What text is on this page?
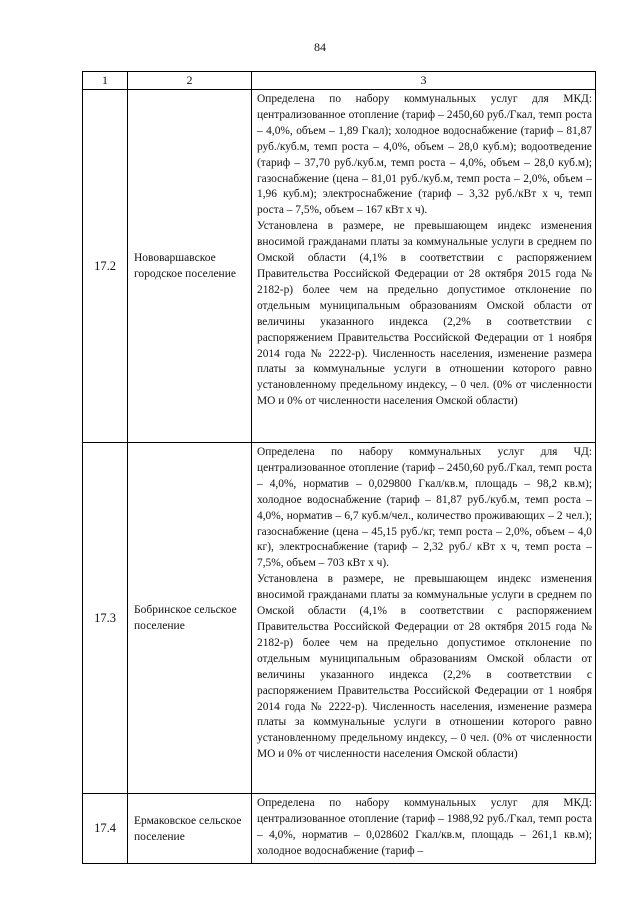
84
1	2	3
17.2	Нововаршавское городское поселение	Определена по набору коммунальных услуг для МКД: централизованное отопление (тариф – 2450,60 руб./Гкал, темп роста – 4,0%, объем – 1,89 Гкал); холодное водоснабжение (тариф – 81,87 руб./куб.м, темп роста – 4,0%, объем – 28,0 куб.м); водоотведение (тариф – 37,70 руб./куб.м, темп роста – 4,0%, объем – 28,0 куб.м); газоснабжение (цена – 81,01 руб./куб.м, темп роста – 2,0%, объем – 1,96 куб.м); электроснабжение (тариф – 3,32 руб./кВт х ч, темп роста – 7,5%, объем – 167 кВт х ч).

Установлена в размере, не превышающем индекс изменения вносимой гражданами платы за коммунальные услуги в среднем по Омской области (4,1% в соответствии с распоряжением Правительства Российской Федерации от 28 октября 2015 года № 2182-р) более чем на предельно допустимое отклонение по отдельным муниципальным образованиям Омской области от величины указанного индекса (2,2% в соответствии с распоряжением Правительства Российской Федерации от 1 ноября 2014 года № 2222-р). Численность населения, изменение размера платы за коммунальные услуги в отношении которого равно установленному предельному индексу, – 0 чел. (0% от численности МО и 0% от численности населения Омской области)

17.3	Бобринское сельское поселение	Определена по набору коммунальных услуг для ЧД: централизованное отопление (тариф – 2450,60 руб./Гкал, темп роста – 4,0%, норматив – 0,029800 Гкал/кв.м, площадь – 98,2 кв.м); холодное водоснабжение (тариф – 81,87 руб./куб.м, темп роста – 4,0%, норматив – 6,7 куб.м/чел., количество проживающих – 2 чел.); газоснабжение (цена – 45,15 руб./кг, темп роста – 2,0%, объем – 4,0 кг), электроснабжение (тариф – 2,32 руб./ кВт х ч, темп роста – 7,5%, объем – 703 кВт х ч).

Установлена в размере, не превышающем индекс изменения вносимой гражданами платы за коммунальные услуги в среднем по Омской области (4,1% в соответствии с распоряжением Правительства Российской Федерации от 28 октября 2015 года № 2182-р) более чем на предельно допустимое отклонение по отдельным муниципальным образованиям Омской области от величины указанного индекса (2,2% в соответствии с распоряжением Правительства Российской Федерации от 1 ноября 2014 года № 2222-р). Численность населения, изменение размера платы за коммунальные услуги в отношении которого равно установленному предельному индексу, – 0 чел. (0% от численности МО и 0% от численности населения Омской области)

17.4	Ермаковское сельское поселение	Определена по набору коммунальных услуг для МКД: централизованное отопление (тариф – 1988,92 руб./Гкал, темп роста – 4,0%, норматив – 0,028602 Гкал/кв.м, площадь – 261,1 кв.м); холодное водоснабжение (тариф –
